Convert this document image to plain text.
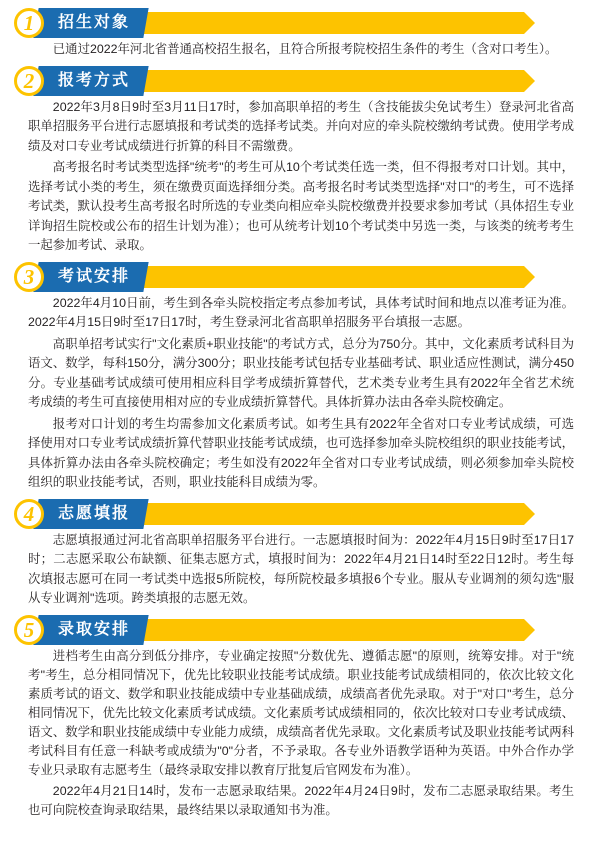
招生对象
1

已通过2022年河北省普通高校招生报名，且符合所报考院校招生条件的考生（含对口考生）。

报考方式
2

2022年3月8日9时至3月11日17时，参加高职单招的考生（含技能拔尖免试考生）登录河北省高职单招服务平台进行志愿填报和考试类的选择考试类。并向对应的牵头院校缴纳考试费。使用学考成绩及对口专业考试成绩进行折算的科目不需缴费。

高考报名时考试类型选择"统考"的考生可从10个考试类任选一类，但不得报考对口计划。其中，选择考试小类的考生，须在缴费页面选择细分类。高考报名时考试类型选择"对口"的考生，可不选择考试类，默认投考生高考报名时所选的专业类向相应牵头院校缴费并投要求参加考试（具体招生专业详询招生院校或公布的招生计划为准）；也可从统考计划10个考试类中另选一类，与该类的统考考生一起参加考试、录取。

考试安排
3

2022年4月10日前，考生到各牵头院校指定考点参加考试，具体考试时间和地点以准考证为准。2022年4月15日9时至17日17时，考生登录河北省高职单招服务平台填报一志愿。

高职单招考试实行"文化素质+职业技能"的考试方式，总分为750分。其中，文化素质考试科目为语文、数学，每科150分，满分300分；职业技能考试包括专业基础考试、职业适应性测试，满分450分。专业基础考试成绩可使用相应科目学考成绩折算替代，艺术类专业考生具有2022年全省艺术统考成绩的考生可直接使用相对应的专业成绩折算替代。具体折算办法由各牵头院校确定。

报考对口计划的考生均需参加文化素质考试。如考生具有2022年全省对口专业考试成绩，可选择使用对口专业考试成绩折算代替职业技能考试成绩，也可选择参加牵头院校组织的职业技能考试，具体折算办法由各牵头院校确定；考生如没有2022年全省对口专业考试成绩，则必须参加牵头院校组织的职业技能考试，否则，职业技能科目成绩为零。

志愿填报
4

志愿填报通过河北省高职单招服务平台进行。一志愿填报时间为：2022年4月15日9时至17日17时；二志愿采取公布缺额、征集志愿方式，填报时间为：2022年4月21日14时至22日12时。考生每次填报志愿可在同一考试类中选报5所院校，每所院校最多填报6个专业。服从专业调剂的须勾选"服从专业调剂"选项。跨类填报的志愿无效。

录取安排
5

进档考生由高分到低分排序，专业确定按照"分数优先、遵循志愿"的原则，统筹安排。对于"统考"考生，总分相同情况下，优先比较职业技能考试成绩。职业技能考试成绩相同的，依次比较文化素质考试的语文、数学和职业技能成绩中专业基础成绩，成绩高者优先录取。对于"对口"考生，总分相同情况下，优先比较文化素质考试成绩。文化素质考试成绩相同的，依次比较对口专业考试成绩、语文、数学和职业技能成绩中专业能力成绩，成绩高者优先录取。文化素质考试及职业技能考试两科考试科目有任意一科缺考或成绩为"0"分者，不予录取。各专业外语教学语种为英语。中外合作办学专业只录取有志愿考生（最终录取安排以教育厅批复后官网发布为准）。

2022年4月21日14时，发布一志愿录取结果。2022年4月24日9时，发布二志愿录取结果。考生也可向院校查询录取结果，最终结果以录取通知书为准。
